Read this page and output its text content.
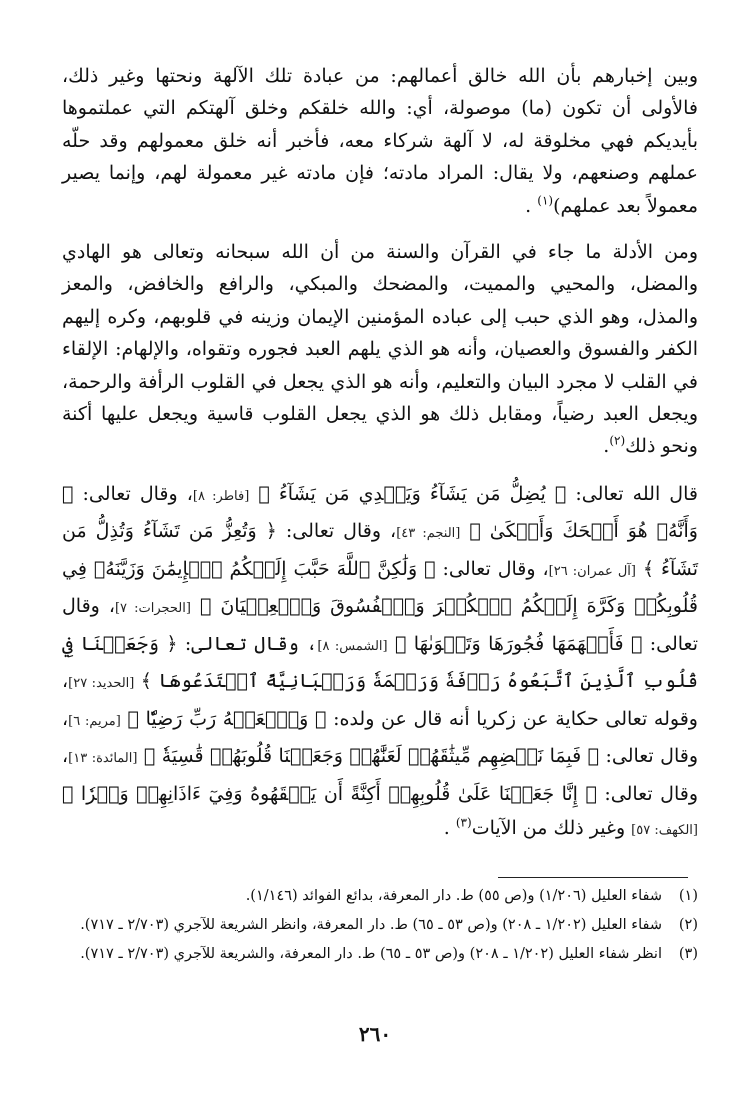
وبين إخبارهم بأن الله خالق أعمالهم: من عبادة تلك الآلهة ونحتها وغير ذلك، فالأولى أن تكون (ما) موصولة، أي: والله خلقكم وخلق آلهتكم التي عملتموها بأيديكم فهي مخلوقة له، لا آلهة شركاء معه، فأخبر أنه خلق معمولهم وقد حلّه عملهم وصنعهم، ولا يقال: المراد مادته؛ فإن مادته غير معمولة لهم، وإنما يصير معمولاً بعد عملهم)$^{(١)}$ .

ومن الأدلة ما جاء في القرآن والسنة من أن الله سبحانه وتعالى هو الهادي والمضل، والمحيي والمميت، والمضحك والمبكي، والرافع والخافض، والمعز والمذل، وهو الذي حبب إلى عباده المؤمنين الإيمان وزينه في قلوبهم، وكره إليهم الكفر والفسوق والعصيان، وأنه هو الذي يلهم العبد فجوره وتقواه، والإلهام: الإلقاء في القلب لا مجرد البيان والتعليم، وأنه هو الذي يجعل في القلوب الرأفة والرحمة، ويجعل العبد رضياً، ومقابل ذلك هو الذي يجعل القلوب قاسية ويجعل عليها أكنة ونحو ذلك$^{(٢)}$.

قال الله تعالى: ﴿ يُضِلُّ مَن يَشَآءُ وَيَهۡدِي مَن يَشَآءُ ﴾ [فاطر: ٨]، وقال تعالى: ﴿ وَأَنَّهُۥ هُوَ أَضۡحَكَ وَأَبۡكَىٰ ﴾ [النجم: ٤٣]، وقال تعالى: ﴿ وَتُعِزُّ مَن تَشَآءُ وَتُذِلُّ مَن تَشَآءُ ﴾ [آل عمران: ٢٦]، وقال تعالى: ﴿ وَلَٰكِنَّ ٱللَّهَ حَبَّبَ إِلَيۡكُمُ ٱلۡإِيمَٰنَ وَزَيَّنَهُۥ فِي قُلُوبِكُمۡ وَكَرَّهَ إِلَيۡكُمُ ٱلۡكُفۡرَ وَٱلۡفُسُوقَ وَٱلۡعِصۡيَانَ ﴾ [الحجرات: ٧]، وقال تعالى: ﴿ فَأَلۡهَمَهَا فُجُورَهَا وَتَقۡوَىٰهَا ﴾ [الشمس: ٨]، وقال تعالى: ﴿ وَجَعَلۡنَا فِي قُلُوبِ ٱلَّذِينَ ٱتَّبَعُوهُ رَأۡفَةٗ وَرَحۡمَةٗ وَرَهۡبَانِيَّةً ٱبۡتَدَعُوهَا ﴾ [الحديد: ٢٧]، وقوله تعالى حكاية عن زكريا أنه قال عن ولده: ﴿ وَٱجۡعَلۡهُ رَبِّ رَضِيّٗا ﴾ [مريم: ٦]، وقال تعالى: ﴿ فَبِمَا نَقۡضِهِم مِّيثَٰقَهُمۡ لَعَنَّٰهُمۡ وَجَعَلۡنَا قُلُوبَهُمۡ قَٰسِيَةٗ ﴾ [المائدة: ١٣]، وقال تعالى: ﴿ إِنَّا جَعَلۡنَا عَلَىٰ قُلُوبِهِمۡ أَكِنَّةً أَن يَفۡقَهُوهُ وَفِيٓ ءَاذَانِهِمۡ وَقۡرٗا ﴾ [الكهف: ٥٧] وغير ذلك من الآيات$^{(٣)}$ .

(١)
شفاء العليل (١/٢٠٦) و(ص ٥٥) ط. دار المعرفة، بدائع الفوائد (١/١٤٦).
(٢)
شفاء العليل (١/٢٠٢ ـ ٢٠٨) و(ص ٥٣ ـ ٦٥) ط. دار المعرفة، وانظر الشريعة للآجري (٢/٧٠٣ ـ ٧١٧).
(٣)
انظر شفاء العليل (١/٢٠٢ ـ ٢٠٨) و(ص ٥٣ ـ ٦٥) ط. دار المعرفة، والشريعة للآجري (٢/٧٠٣ ـ ٧١٧).
٢٦٠
